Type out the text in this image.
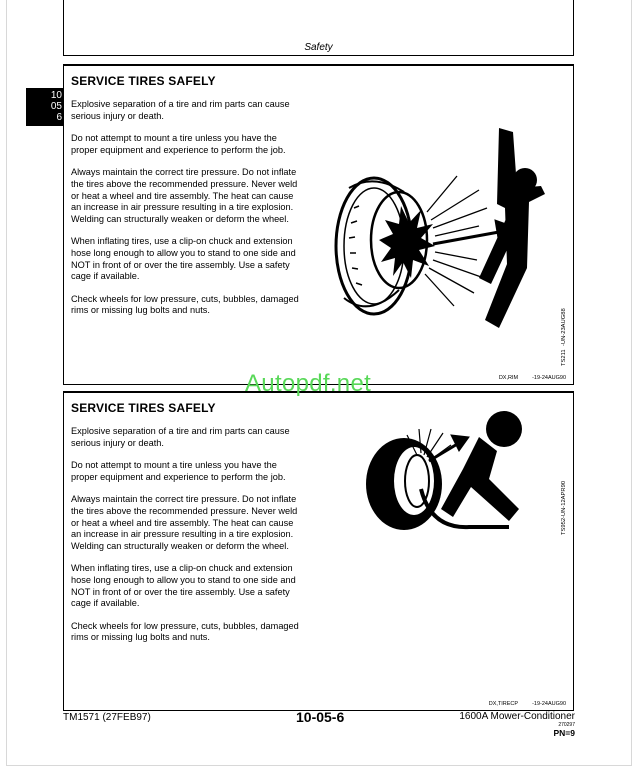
Safety
10
05
6
SERVICE TIRES SAFELY

Explosive separation of a tire and rim parts can cause
serious injury or death.

Do not attempt to mount a tire unless you have the
proper equipment and experience to perform the job.

Always maintain the correct tire pressure. Do not inflate
the tires above the recommended pressure. Never weld
or heat a wheel and tire assembly. The heat can cause
an increase in air pressure resulting in a tire explosion.
Welding can structurally weaken or deform the wheel.

When inflating tires, use a clip-on chuck and extension
hose long enough to allow you to stand to one side and
NOT in front of or over the tire assembly. Use a safety
cage if available.

Check wheels for low pressure, cuts, bubbles, damaged
rims or missing lug bolts and nuts.

TS211
-UN-23AUG88
DX,RIM	-19-24AUG90
SERVICE TIRES SAFELY

Explosive separation of a tire and rim parts can cause
serious injury or death.

Do not attempt to mount a tire unless you have the
proper equipment and experience to perform the job.

Always maintain the correct tire pressure. Do not inflate
the tires above the recommended pressure. Never weld
or heat a wheel and tire assembly. The heat can cause
an increase in air pressure resulting in a tire explosion.
Welding can structurally weaken or deform the wheel.

When inflating tires, use a clip-on chuck and extension
hose long enough to allow you to stand to one side and
NOT in front of or over the tire assembly. Use a safety
cage if available.

Check wheels for low pressure, cuts, bubbles, damaged
rims or missing lug bolts and nuts.

TS952
-UN-12APR90
DX,TIRECP	-19-24AUG90
Autopdf.net
TM1571 (27FEB97)	10-05-6	1600A Mower-Conditioner
270297
PN=9
